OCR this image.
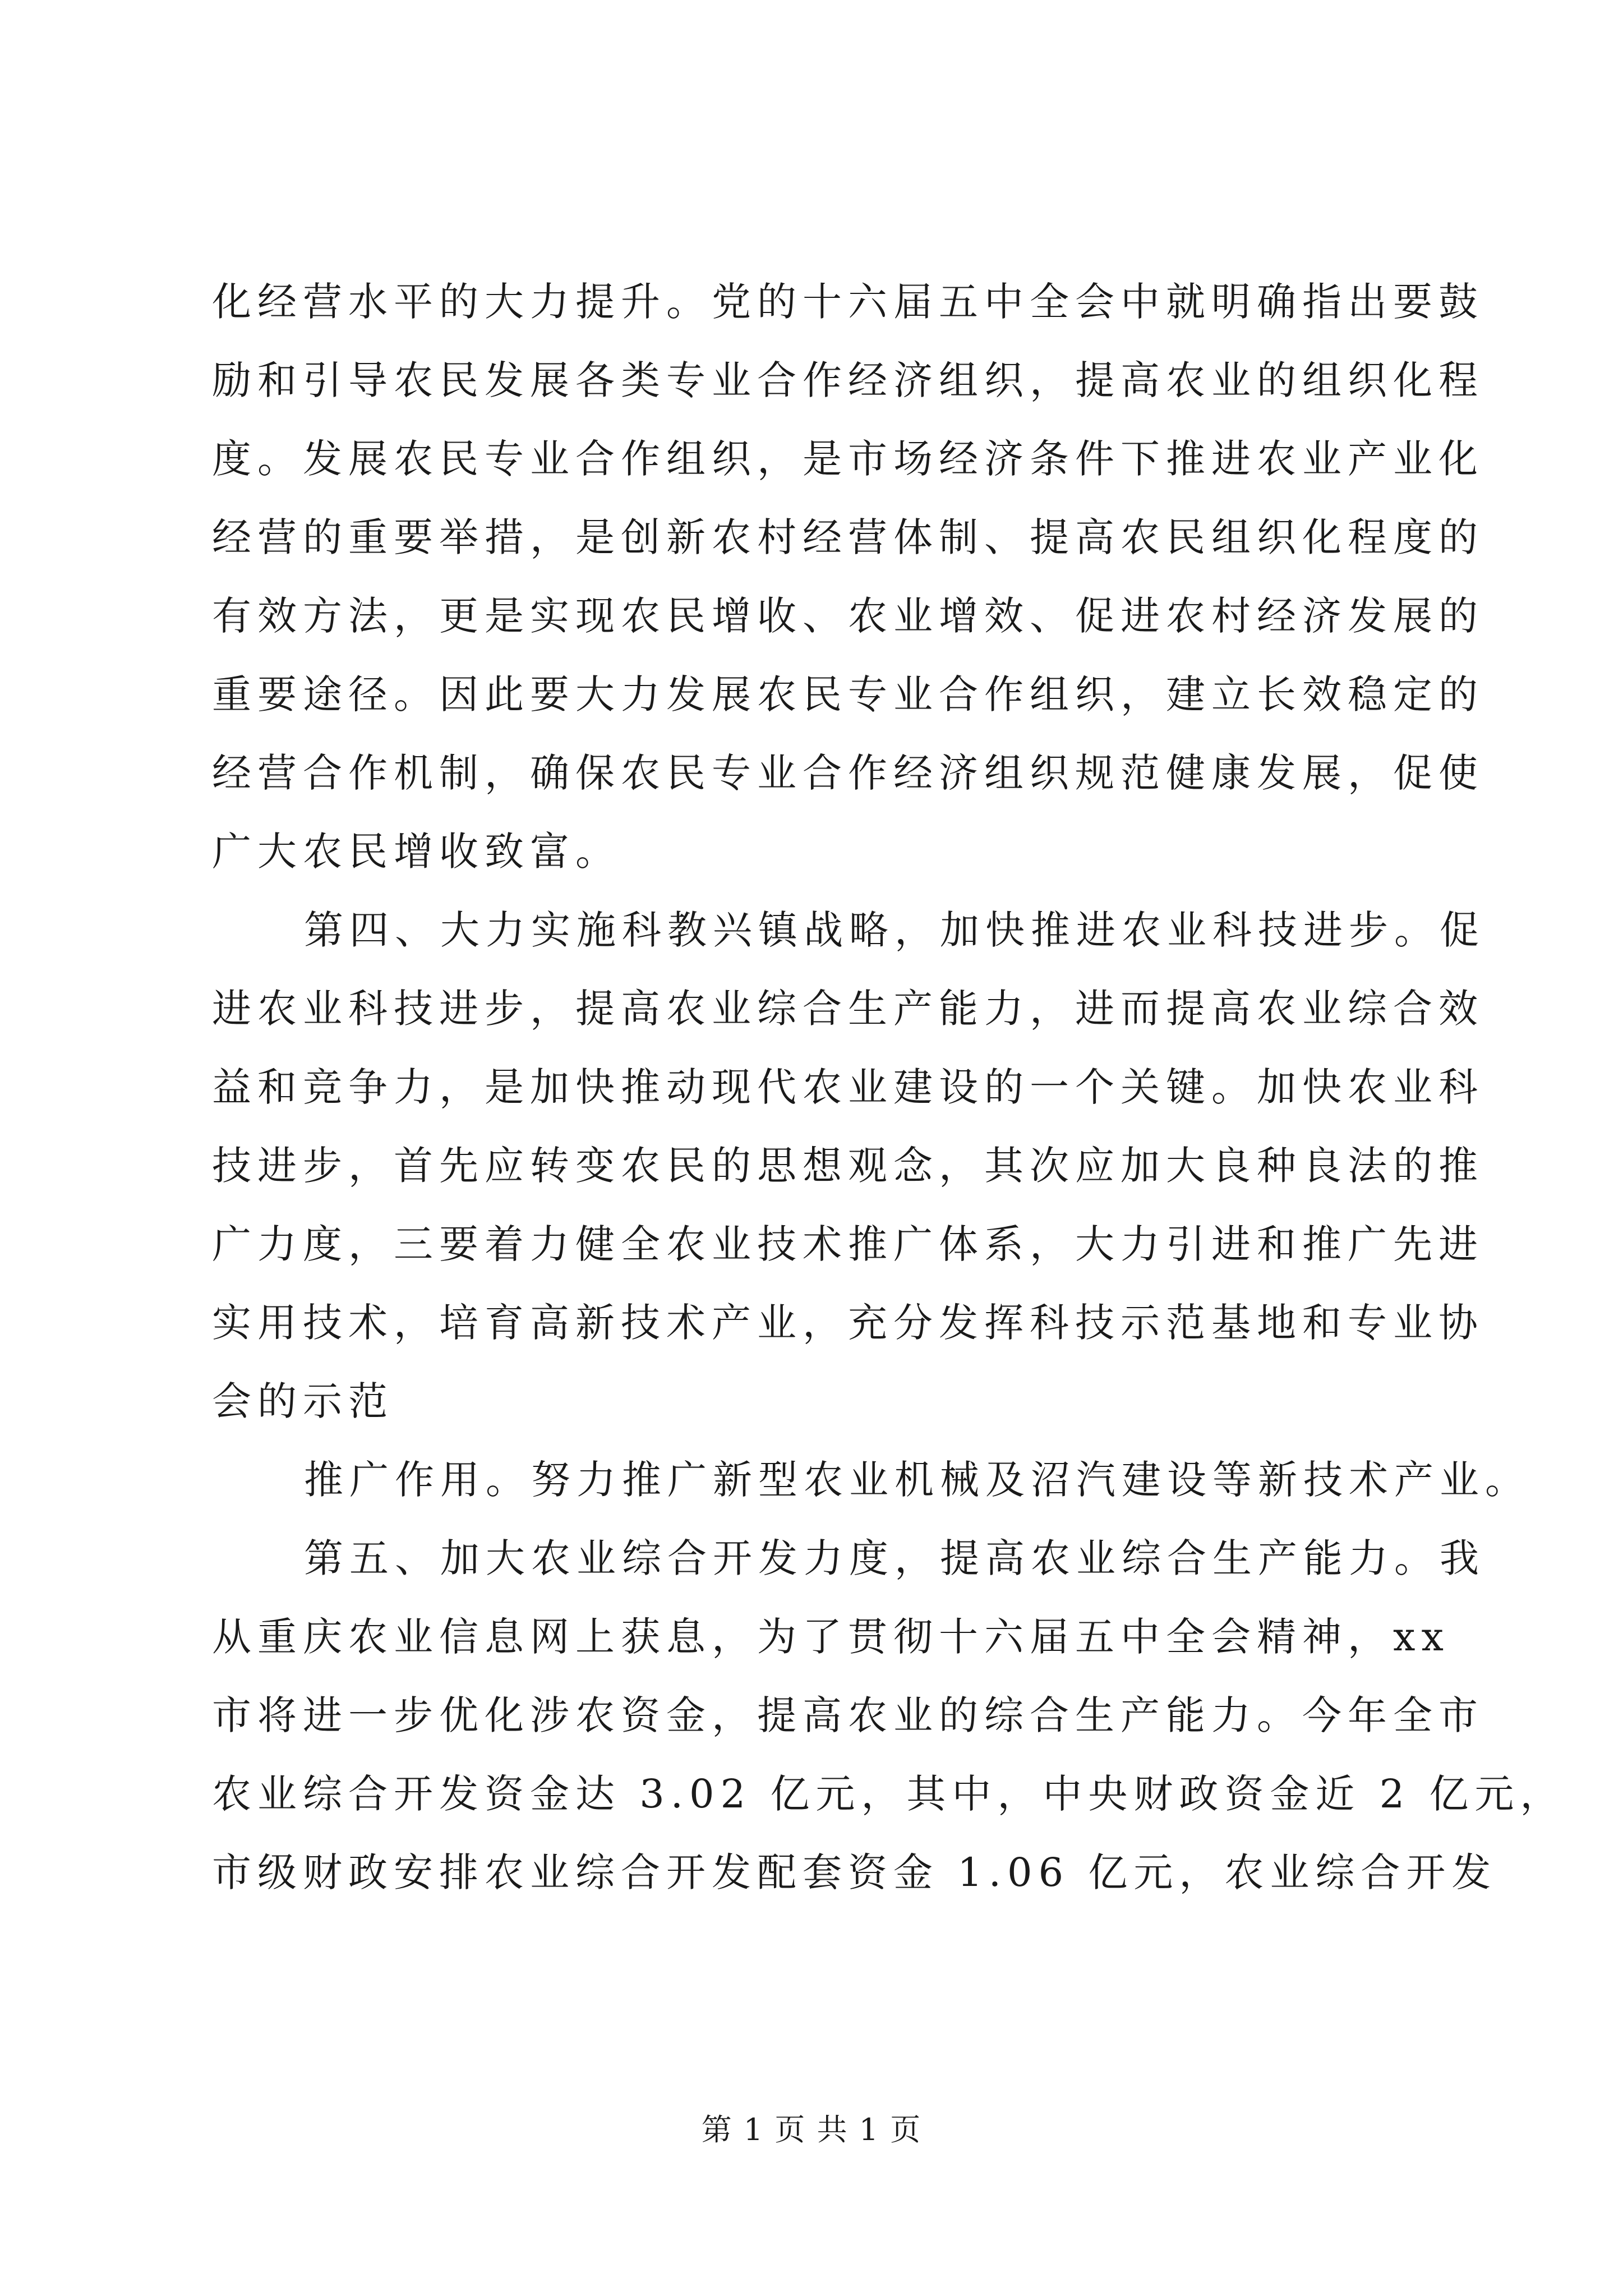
化经营水平的大力提升。党的十六届五中全会中就明确指出要鼓
励和引导农民发展各类专业合作经济组织，提高农业的组织化程
度。发展农民专业合作组织，是市场经济条件下推进农业产业化
经营的重要举措，是创新农村经营体制、提高农民组织化程度的
有效方法，更是实现农民增收、农业增效、促进农村经济发展的
重要途径。因此要大力发展农民专业合作组织，建立长效稳定的
经营合作机制，确保农民专业合作经济组织规范健康发展，促使
广大农民增收致富。
第四、大力实施科教兴镇战略，加快推进农业科技进步。促
进农业科技进步，提高农业综合生产能力，进而提高农业综合效
益和竞争力，是加快推动现代农业建设的一个关键。加快农业科
技进步，首先应转变农民的思想观念，其次应加大良种良法的推
广力度，三要着力健全农业技术推广体系，大力引进和推广先进
实用技术，培育高新技术产业，充分发挥科技示范基地和专业协
会的示范
推广作用。努力推广新型农业机械及沼汽建设等新技术产业。
第五、加大农业综合开发力度，提高农业综合生产能力。我
从重庆农业信息网上获息，为了贯彻十六届五中全会精神，xx
市将进一步优化涉农资金，提高农业的综合生产能力。今年全市
农业综合开发资金达 3.02 亿元，其中，中央财政资金近 2 亿元，
市级财政安排农业综合开发配套资金 1.06 亿元，农业综合开发
第 1 页 共 1 页
